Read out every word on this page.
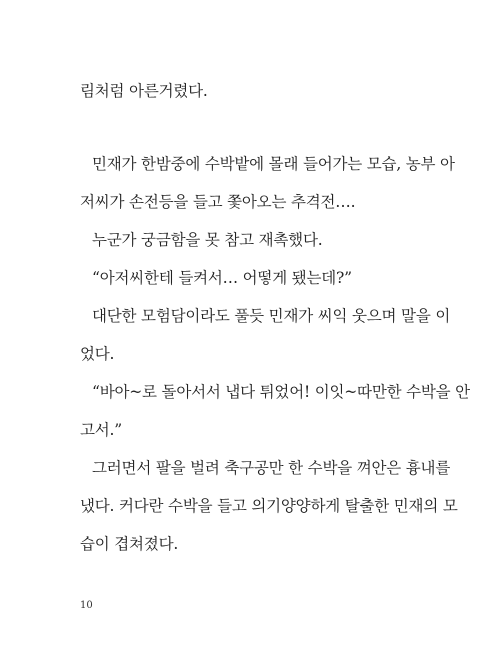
림처럼 아른거렸다.
민재가 한밤중에 수박밭에 몰래 들어가는 모습, 농부 아
저씨가 손전등을 들고 쫓아오는 추격전….
누군가 궁금함을 못 참고 재촉했다.
“아저씨한테 들켜서… 어떻게 됐는데?”
대단한 모험담이라도 풀듯 민재가 씨익 웃으며 말을 이
었다.
“바아~로 돌아서서 냅다 튀었어! 이잇~따만한 수박을 안
고서.”
그러면서 팔을 벌려 축구공만 한 수박을 껴안은 흉내를
냈다. 커다란 수박을 들고 의기양양하게 탈출한 민재의 모
습이 겹쳐졌다.
10
